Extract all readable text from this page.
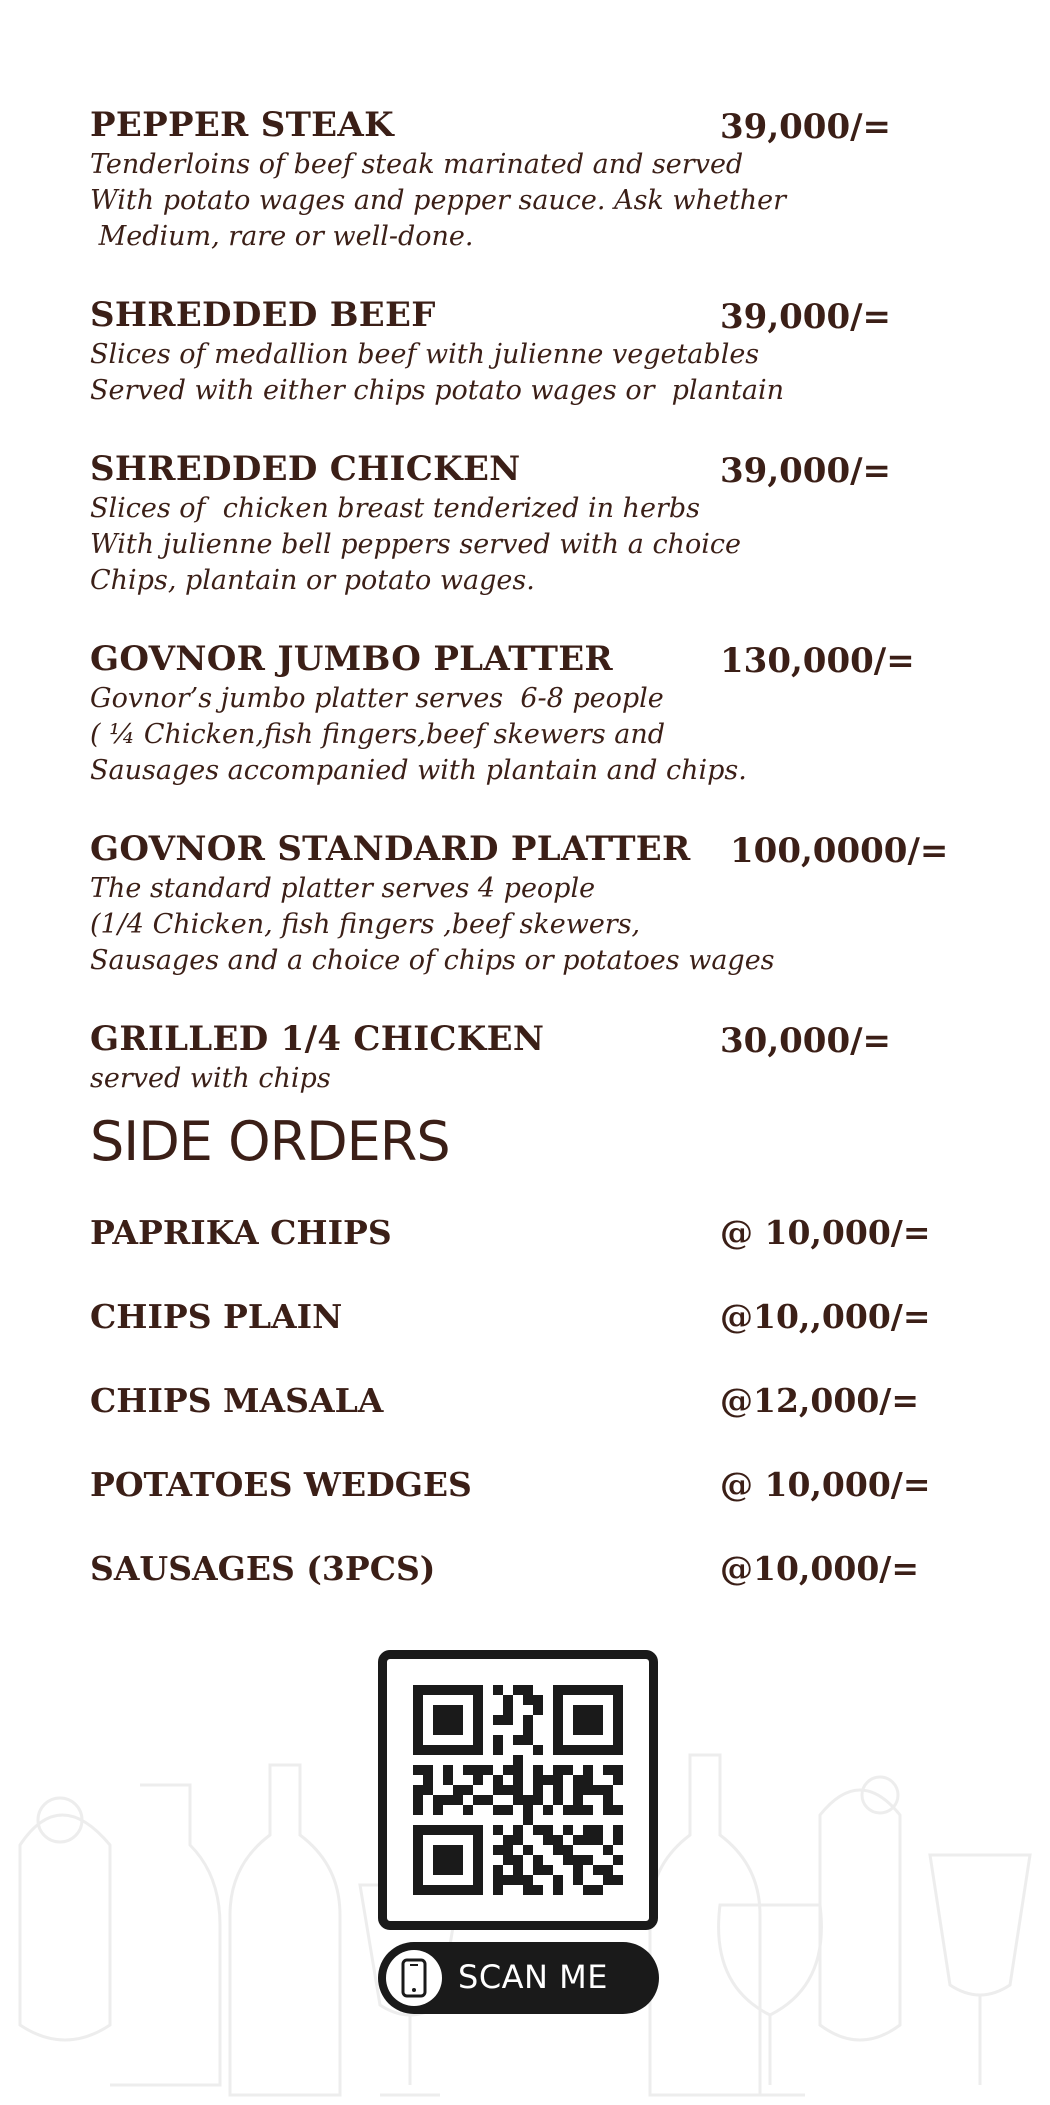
PEPPER STEAK	39,000/=

Tenderloins of beef steak marinated and served
With potato wages and pepper sauce. Ask whether
Medium, rare or well-done.

SHREDDED BEEF	39,000/=

Slices of medallion beef with julienne vegetables
Served with either chips potato wages or  plantain

SHREDDED CHICKEN	39,000/=

Slices of  chicken breast tenderized in herbs
With julienne bell peppers served with a choice
Chips, plantain or potato wages.

GOVNOR JUMBO PLATTER	130,000/=

Govnor’s jumbo platter serves  6-8 people
( ¼ Chicken,fish fingers,beef skewers and
Sausages accompanied with plantain and chips.

GOVNOR STANDARD PLATTER 100,0000/=

The standard platter serves 4 people
(1/4 Chicken, fish fingers ,beef skewers,
Sausages and a choice of chips or potatoes wages

GRILLED 1/4 CHICKEN	30,000/=

served with chips

SIDE ORDERS
PAPRIKA CHIPS	@ 10,000/=
CHIPS PLAIN	@10,,000/=
CHIPS MASALA	@12,000/=
POTATOES WEDGES	@ 10,000/=
SAUSAGES (3PCS)	@10,000/=
SCAN ME
